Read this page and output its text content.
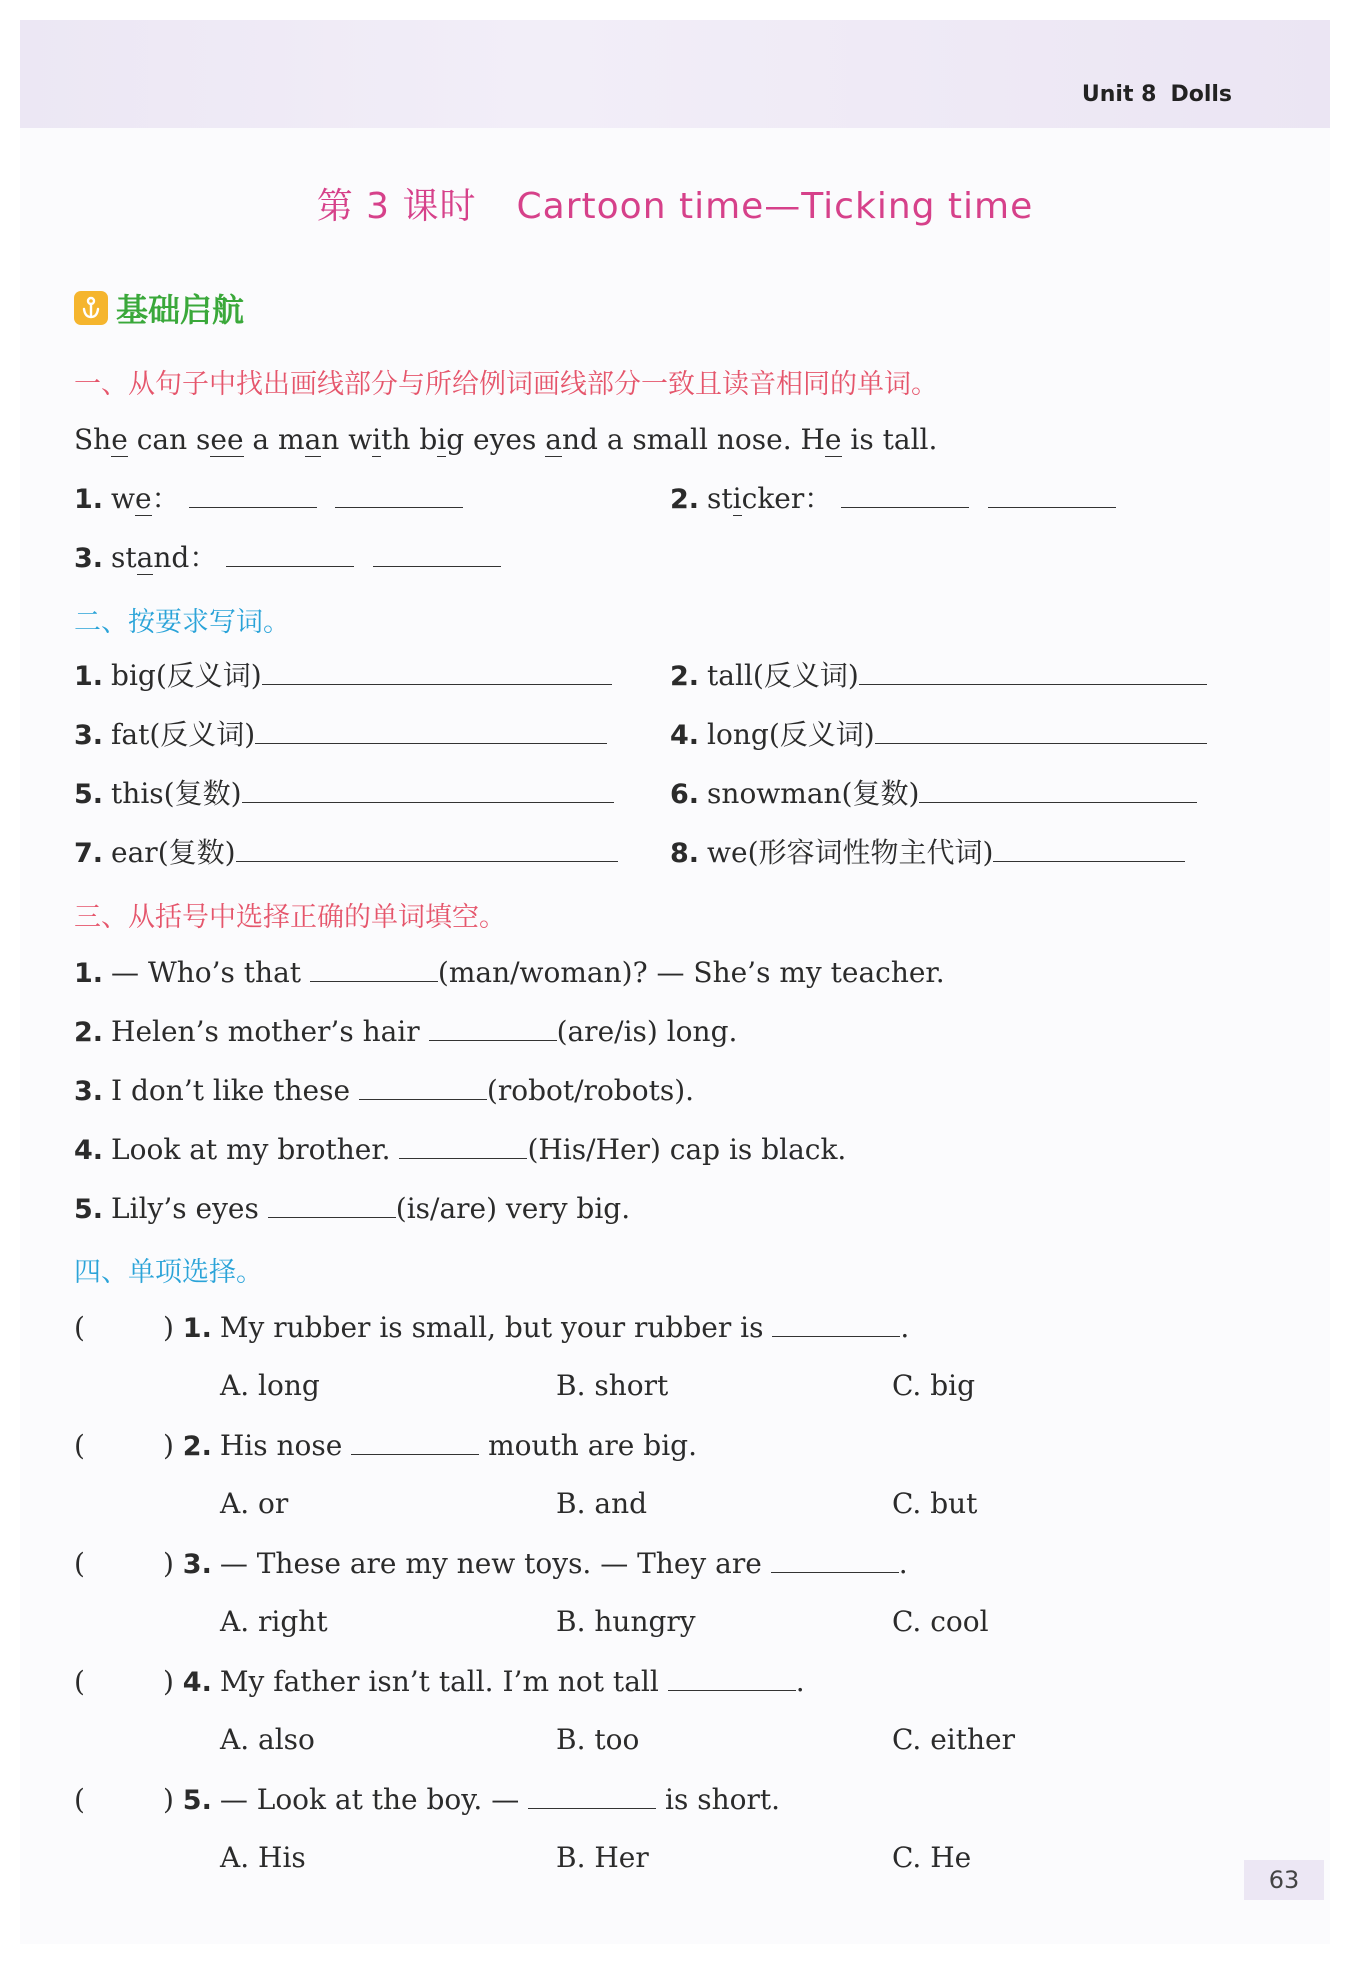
Unit 8 Dolls
第 3 课时 Cartoon time—Ticking time
基础启航
一、从句子中找出画线部分与所给例词画线部分一致且读音相同的单词。
She can see a man with big eyes and a small nose. He is tall.
1. we：	2. sticker：
3. stand：
二、按要求写词。
1. big(反义词)	2. tall(反义词)
3. fat(反义词)	4. long(反义词)
5. this(复数)	6. snowman(复数)
7. ear(复数)	8. we(形容词性物主代词)
三、从括号中选择正确的单词填空。
1. — Who’s that	(man/woman)? — She’s my teacher.
2. Helen’s mother’s hair	(are/is) long.
3. I don’t like these	(robot/robots).
4. Look at my brother.	(His/Her) cap is black.
5. Lily’s eyes	(is/are) very big.
四、单项选择。
(	) 1. My rubber is small, but your rubber is	.
A. long	B. short	C. big
(	) 2. His nose	mouth are big.
A. or	B. and	C. but
(	) 3. — These are my new toys. — They are	.
A. right	B. hungry	C. cool
(	) 4. My father isn’t tall. I’m not tall	.
A. also	B. too	C. either
(	) 5. — Look at the boy. —	is short.
A. His	B. Her	C. He
63
